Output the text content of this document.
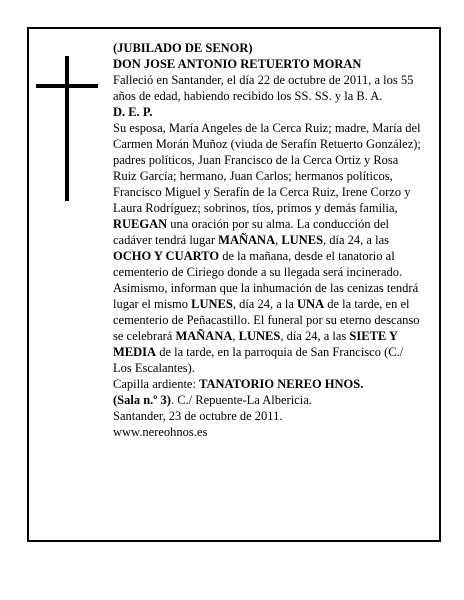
(JUBILADO DE SENOR)

DON JOSE ANTONIO RETUERTO MORAN

Falleció en Santander, el día 22 de octubre de 2011, a los 55 años de edad, habiendo recibido los SS. SS. y la B. A.

D. E. P.

Su esposa, María Angeles de la Cerca Ruiz; madre, María del Carmen Morán Muñoz (viuda de Serafín Retuerto González); padres políticos, Juan Francisco de la Cerca Ortiz y Rosa Ruiz García; hermano, Juan Carlos; hermanos políticos, Francisco Miguel y Serafín de la Cerca Ruiz, Irene Corzo y Laura Rodríguez; sobrinos, tíos, primos y demás familia,

RUEGAN una oración por su alma. La conducción del cadáver tendrá lugar MAÑANA, LUNES, día 24, a las OCHO Y CUARTO de la mañana, desde el tanatorio al cementerio de Ciriego donde a su llegada será incinerado. Asimismo, informan que la inhumación de las cenizas tendrá lugar el mismo LUNES, día 24, a la UNA de la tarde, en el cementerio de Peñacastillo. El funeral por su eterno descanso se celebrará MAÑANA, LUNES, día 24, a las SIETE Y MEDIA de la tarde, en la parroquia de San Francisco (C./ Los Escalantes).

Capilla ardiente: TANATORIO NEREO HNOS.
(Sala n.º 3). C./ Repuente-La Albericia.

Santander, 23 de octubre de 2011.

www.nereohnos.es
